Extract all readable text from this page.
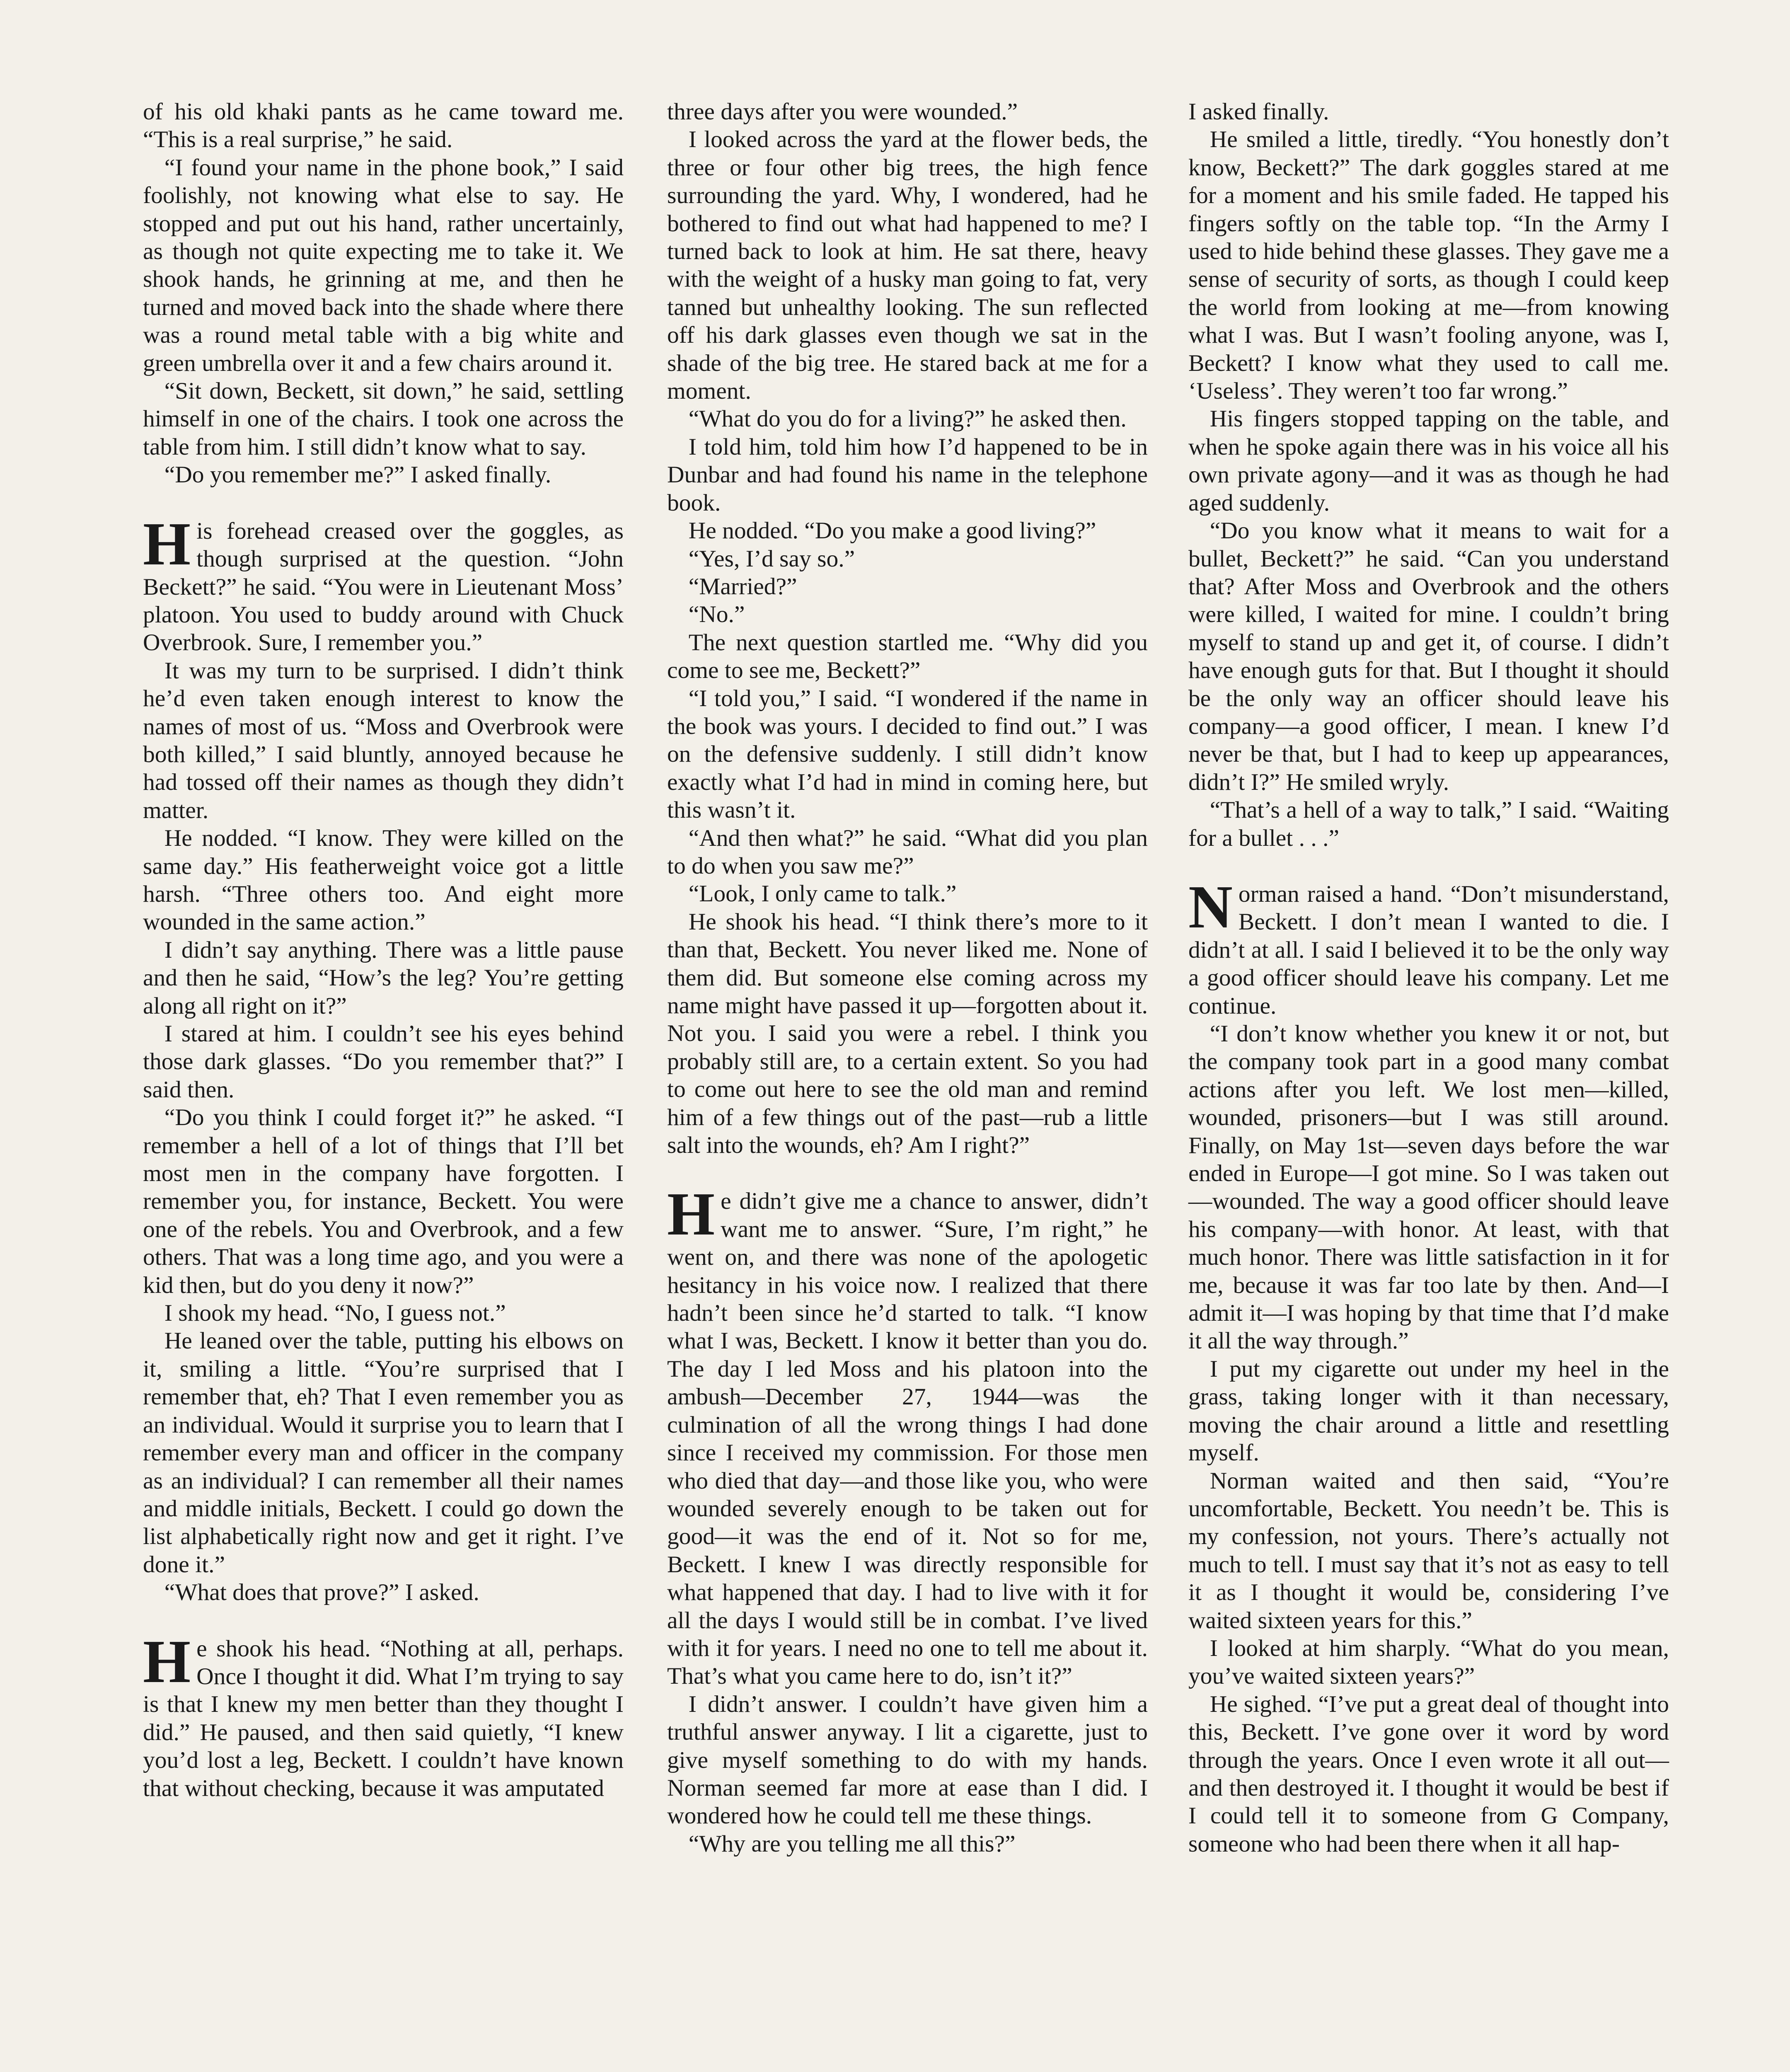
of his old khaki pants as he came toward me. “This is a real surprise,” he said.

“I found your name in the phone book,” I said foolishly, not knowing what else to say. He stopped and put out his hand, rather uncertainly, as though not quite expecting me to take it. We shook hands, he grinning at me, and then he turned and moved back into the shade where there was a round metal table with a big white and green umbrella over it and a few chairs around it.

“Sit down, Beckett, sit down,” he said, settling himself in one of the chairs. I took one across the table from him. I still didn’t know what to say.

“Do you remember me?” I asked finally.

His forehead creased over the goggles, as though surprised at the question. “John Beckett?” he said. “You were in Lieutenant Moss’ platoon. You used to buddy around with Chuck Overbrook. Sure, I remember you.”

It was my turn to be surprised. I didn’t think he’d even taken enough interest to know the names of most of us. “Moss and Overbrook were both killed,” I said bluntly, annoyed because he had tossed off their names as though they didn’t matter.

He nodded. “I know. They were killed on the same day.” His featherweight voice got a little harsh. “Three others too. And eight more wounded in the same action.”

I didn’t say anything. There was a little pause and then he said, “How’s the leg? You’re getting along all right on it?”

I stared at him. I couldn’t see his eyes behind those dark glasses. “Do you remember that?” I said then.

“Do you think I could forget it?” he asked. “I remember a hell of a lot of things that I’ll bet most men in the company have forgotten. I remember you, for instance, Beckett. You were one of the rebels. You and Overbrook, and a few others. That was a long time ago, and you were a kid then, but do you deny it now?”

I shook my head. “No, I guess not.”

He leaned over the table, putting his elbows on it, smiling a little. “You’re surprised that I remember that, eh? That I even remember you as an individual. Would it surprise you to learn that I remember every man and officer in the company as an individual? I can remember all their names and middle initials, Beckett. I could go down the list alphabetically right now and get it right. I’ve done it.”

“What does that prove?” I asked.

He shook his head. “Nothing at all, perhaps. Once I thought it did. What I’m trying to say is that I knew my men better than they thought I did.” He paused, and then said quietly, “I knew you’d lost a leg, Beckett. I couldn’t have known that without checking, because it was amputated

three days after you were wounded.”

I looked across the yard at the flower beds, the three or four other big trees, the high fence surrounding the yard. Why, I wondered, had he bothered to find out what had happened to me? I turned back to look at him. He sat there, heavy with the weight of a husky man going to fat, very tanned but unhealthy looking. The sun reflected off his dark glasses even though we sat in the shade of the big tree. He stared back at me for a moment.

“What do you do for a living?” he asked then.

I told him, told him how I’d happened to be in Dunbar and had found his name in the telephone book.

He nodded. “Do you make a good living?”

“Yes, I’d say so.”

“Married?”

“No.”

The next question startled me. “Why did you come to see me, Beckett?”

“I told you,” I said. “I wondered if the name in the book was yours. I decided to find out.” I was on the defensive suddenly. I still didn’t know exactly what I’d had in mind in coming here, but this wasn’t it.

“And then what?” he said. “What did you plan to do when you saw me?”

“Look, I only came to talk.”

He shook his head. “I think there’s more to it than that, Beckett. You never liked me. None of them did. But someone else coming across my name might have passed it up—forgotten about it. Not you. I said you were a rebel. I think you probably still are, to a certain extent. So you had to come out here to see the old man and remind him of a few things out of the past—rub a little salt into the wounds, eh? Am I right?”

He didn’t give me a chance to answer, didn’t want me to answer. “Sure, I’m right,” he went on, and there was none of the apologetic hesitancy in his voice now. I realized that there hadn’t been since he’d started to talk. “I know what I was, Beckett. I know it better than you do. The day I led Moss and his platoon into the ambush—December 27, 1944—was the culmination of all the wrong things I had done since I received my commission. For those men who died that day—and those like you, who were wounded severely enough to be taken out for good—it was the end of it. Not so for me, Beckett. I knew I was directly responsible for what happened that day. I had to live with it for all the days I would still be in combat. I’ve lived with it for years. I need no one to tell me about it. That’s what you came here to do, isn’t it?”

I didn’t answer. I couldn’t have given him a truthful answer anyway. I lit a cigarette, just to give myself something to do with my hands. Norman seemed far more at ease than I did. I wondered how he could tell me these things.

“Why are you telling me all this?”

I asked finally.

He smiled a little, tiredly. “You honestly don’t know, Beckett?” The dark goggles stared at me for a moment and his smile faded. He tapped his fingers softly on the table top. “In the Army I used to hide behind these glasses. They gave me a sense of security of sorts, as though I could keep the world from looking at me—from knowing what I was. But I wasn’t fooling anyone, was I, Beckett? I know what they used to call me. ‘Useless’. They weren’t too far wrong.”

His fingers stopped tapping on the table, and when he spoke again there was in his voice all his own private agony—and it was as though he had aged suddenly.

“Do you know what it means to wait for a bullet, Beckett?” he said. “Can you understand that? After Moss and Overbrook and the others were killed, I waited for mine. I couldn’t bring myself to stand up and get it, of course. I didn’t have enough guts for that. But I thought it should be the only way an officer should leave his company—a good officer, I mean. I knew I’d never be that, but I had to keep up appearances, didn’t I?” He smiled wryly.

“That’s a hell of a way to talk,” I said. “Waiting for a bullet . . .”

Norman raised a hand. “Don’t misunderstand, Beckett. I don’t mean I wanted to die. I didn’t at all. I said I believed it to be the only way a good officer should leave his company. Let me continue.

“I don’t know whether you knew it or not, but the company took part in a good many combat actions after you left. We lost men—killed, wounded, prisoners—but I was still around. Finally, on May 1st—seven days before the war ended in Europe—I got mine. So I was taken out—wounded. The way a good officer should leave his company—with honor. At least, with that much honor. There was little satisfaction in it for me, because it was far too late by then. And—I admit it—I was hoping by that time that I’d make it all the way through.”

I put my cigarette out under my heel in the grass, taking longer with it than necessary, moving the chair around a little and resettling myself.

Norman waited and then said, “You’re uncomfortable, Beckett. You needn’t be. This is my confession, not yours. There’s actually not much to tell. I must say that it’s not as easy to tell it as I thought it would be, considering I’ve waited sixteen years for this.”

I looked at him sharply. “What do you mean, you’ve waited sixteen years?”

He sighed. “I’ve put a great deal of thought into this, Beckett. I’ve gone over it word by word through the years. Once I even wrote it all out—and then destroyed it. I thought it would be best if I could tell it to someone from G Company, someone who had been there when it all hap-
